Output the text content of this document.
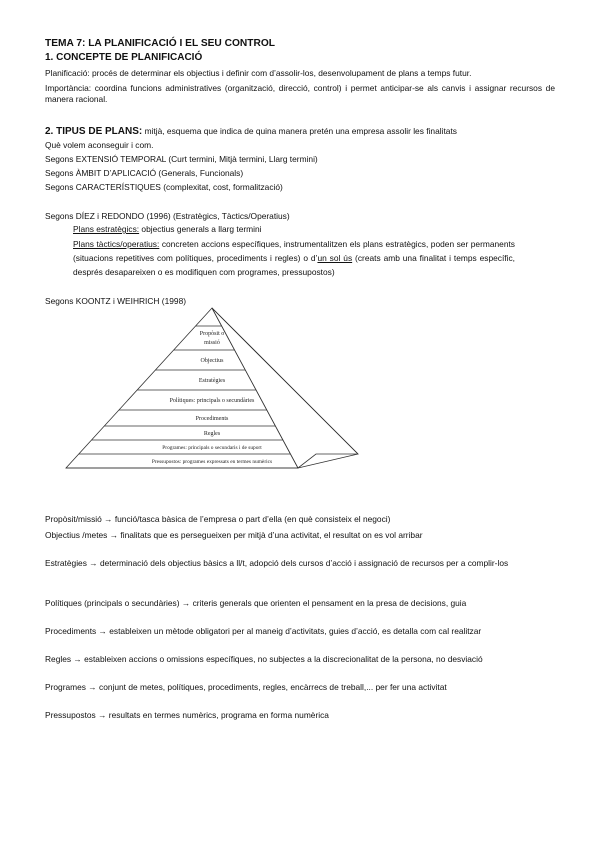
TEMA 7: LA PLANIFICACIÓ I EL SEU CONTROL
1. CONCEPTE DE PLANIFICACIÓ
Planificació: procés de determinar els objectius i definir com d’assolir-los, desenvolupament de plans a temps futur.
Importància: coordina funcions administratives (organització, direcció, control) i permet anticipar-se als canvis i assignar recursos de manera racional.
2. TIPUS DE PLANS: mitjà, esquema que indica de quina manera pretén una empresa assolir les finalitats
Què volem aconseguir i com.
Segons EXTENSIÓ TEMPORAL (Curt termini, Mitjà termini, Llarg termini)
Segons ÀMBIT D’APLICACIÓ (Generals, Funcionals)
Segons CARACTERÍSTIQUES (complexitat, cost, formalització)
Segons DÍEZ i REDONDO (1996) (Estratègics, Tàctics/Operatius)
Plans estratègics: objectius generals a llarg termini
Plans tàctics/operatius: concreten accions específiques, instrumentalitzen els plans estratègics, poden ser permanents (situacions repetitives com polítiques, procediments i regles) o d’un sol ús (creats amb una finalitat i temps específic, després desapareixen o es modifiquen com programes, pressupostos)
Segons KOONTZ i WEIHRICH (1998)
Propòsit o missió
Objectius
Estratègies
Polítiques: principals o secundàries
Procediments
Regles
Programes: principals o secundaris i de suport
Pressupostos: programes expressats en termes numèrics
Propòsit/missió → funció/tasca bàsica de l’empresa o part d’ella (en què consisteix el negoci)
Objectius /metes → finalitats que es persegueixen per mitjà d’una activitat, el resultat on es vol arribar
Estratègies → determinació dels objectius bàsics a ll/t, adopció dels cursos d’acció i assignació de recursos per a complir-los
Polítiques (principals o secundàries) → criteris generals que orienten el pensament en la presa de decisions, guia
Procediments → estableixen un mètode obligatori per al maneig d’activitats, guies d’acció, es detalla com cal realitzar
Regles → estableixen accions o omissions específiques, no subjectes a la discrecionalitat de la persona, no desviació
Programes → conjunt de metes, polítiques, procediments, regles, encàrrecs de treball,... per fer una activitat
Pressupostos → resultats en termes numèrics, programa en forma numèrica
